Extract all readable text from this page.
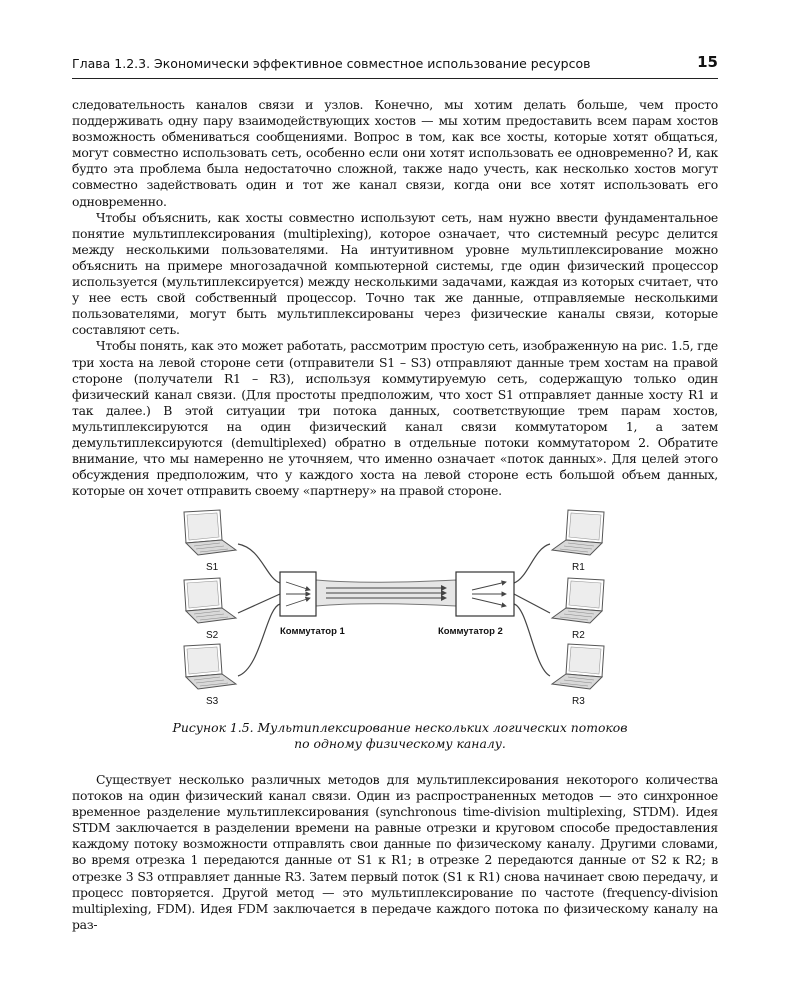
Глава 1.2.3. Экономически эффективное совместное использование ресурсов	15

следовательность каналов связи и узлов. Конечно, мы хотим делать больше, чем просто поддерживать одну пару взаимодействующих хостов — мы хотим предоставить всем парам хостов возможность обмениваться сообщениями. Вопрос в том, как все хосты, которые хотят общаться, могут совместно использовать сеть, особенно если они хотят использовать ее одновременно? И, как будто эта проблема была недостаточно сложной, также надо учесть, как несколько хостов могут совместно задействовать один и тот же канал связи, когда они все хотят использовать его одновременно.

Чтобы объяснить, как хосты совместно используют сеть, нам нужно ввести фундаментальное понятие мультиплексирования (multiplexing), которое означает, что системный ресурс делится между несколькими пользователями. На интуитивном уровне мультиплексирование можно объяснить на примере многозадачной компьютерной системы, где один физический процессор используется (мультиплексируется) между несколькими задачами, каждая из которых считает, что у нее есть свой собственный процессор. Точно так же данные, отправляемые несколькими пользователями, могут быть мультиплексированы через физические каналы связи, которые составляют сеть.

Чтобы понять, как это может работать, рассмотрим простую сеть, изображенную на рис. 1.5, где три хоста на левой стороне сети (отправители S1 – S3) отправляют данные трем хостам на правой стороне (получатели R1 – R3), используя коммутируемую сеть, содержащую только один физический канал связи. (Для простоты предположим, что хост S1 отправляет данные хосту R1 и так далее.) В этой ситуации три потока данных, соответствующие трем парам хостов, мультиплексируются на один физический канал связи коммутатором 1, а затем демультиплексируются (demultiplexed) обратно в отдельные потоки коммутатором 2. Обратите внимание, что мы намеренно не уточняем, что именно означает «поток данных». Для целей этого обсуждения предположим, что у каждого хоста на левой стороне есть большой объем данных, которые он хочет отправить своему «партнеру» на правой стороне.

S1
S2
S3
R1
R2
R3
Коммутатор 1	Коммутатор 2
Рисунок 1.5. Мультиплексирование нескольких логических потоков
по одному физическому каналу.

Существует несколько различных методов для мультиплексирования некоторого количества потоков на один физический канал связи. Один из распространенных методов — это синхронное временное разделение мультиплексирования (synchronous time-division multiplexing, STDM). Идея STDM заключается в разделении времени на равные отрезки и круговом способе предоставления каждому потоку возможности отправлять свои данные по физическому каналу. Другими словами, во время отрезка 1 передаются данные от S1 к R1; в отрезке 2 передаются данные от S2 к R2; в отрезке 3 S3 отправляет данные R3. Затем первый поток (S1 к R1) снова начинает свою передачу, и процесс повторяется. Другой метод — это мультиплексирование по частоте (frequency-division multiplexing, FDM). Идея FDM заключается в передаче каждого потока по физическому каналу на раз-
